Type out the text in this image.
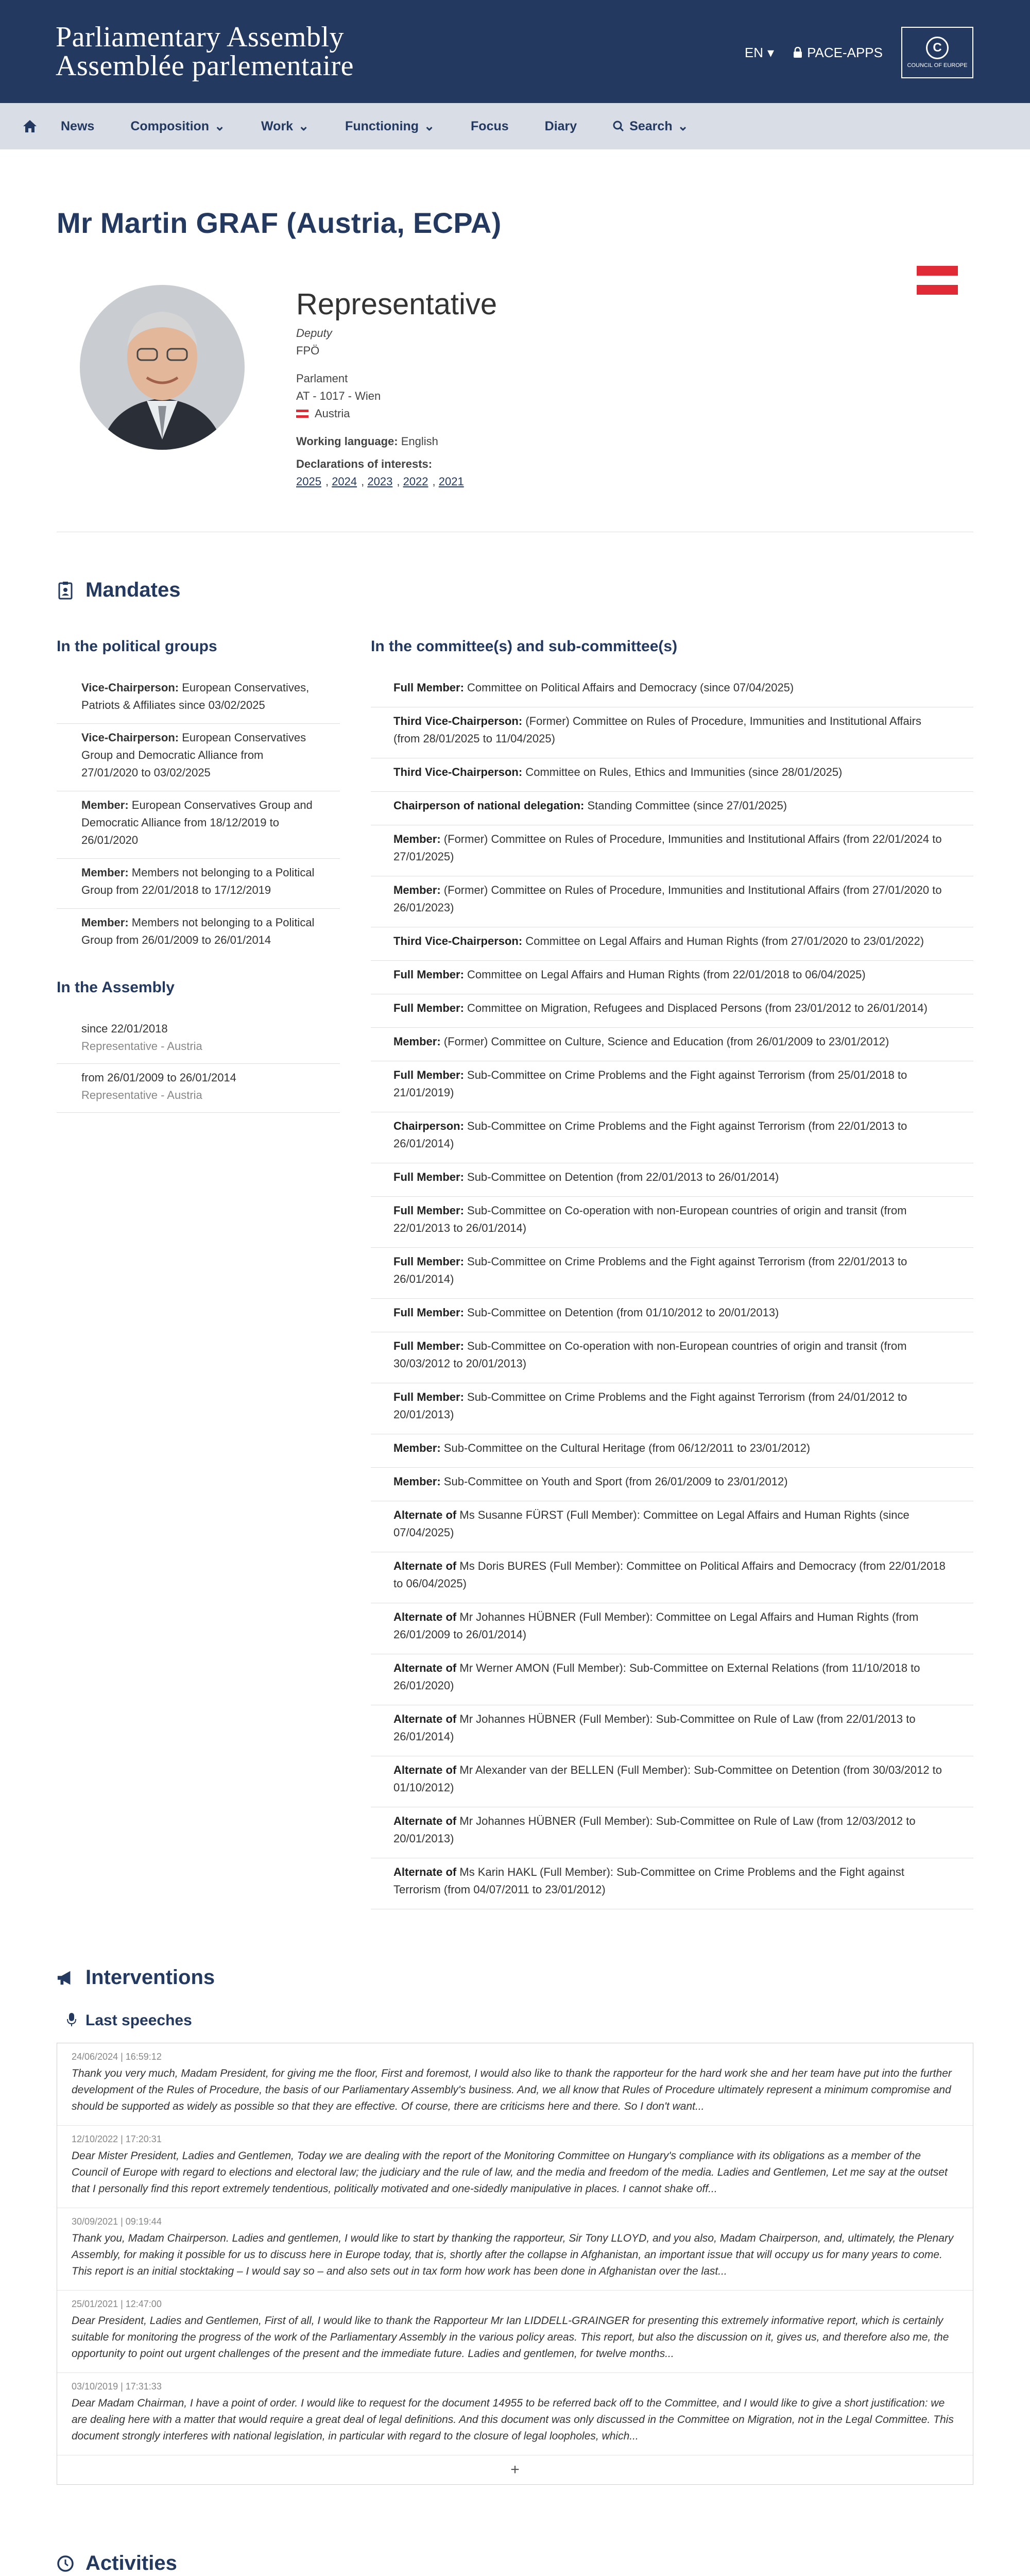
Parliamentary Assembly
Assemblée parlementaire	EN ▾ PACE-APPS	C
COUNCIL OF EUROPE
News	Composition ⌄	Work ⌄	Functioning ⌄	Focus	Diary	Search ⌄
Mr Martin GRAF (Austria, ECPA)
Representative
Deputy
FPÖ
Parlament
AT - 1017 - Wien
Austria
Working language: English
Declarations of interests:
2025 , 2024 , 2023 , 2022 , 2021
Mandates
In the political groups
Vice-Chairperson: European Conservatives, Patriots & Affiliates since 03/02/2025
Vice-Chairperson: European Conservatives Group and Democratic Alliance from 27/01/2020 to 03/02/2025
Member: European Conservatives Group and Democratic Alliance from 18/12/2019 to 26/01/2020
Member: Members not belonging to a Political Group from 22/01/2018 to 17/12/2019
Member: Members not belonging to a Political Group from 26/01/2009 to 26/01/2014
In the Assembly
since 22/01/2018
Representative - Austria
from 26/01/2009 to 26/01/2014
Representative - Austria
In the committee(s) and sub-committee(s)
Full Member: Committee on Political Affairs and Democracy (since 07/04/2025)
Third Vice-Chairperson: (Former) Committee on Rules of Procedure, Immunities and Institutional Affairs (from 28/01/2025 to 11/04/2025)
Third Vice-Chairperson: Committee on Rules, Ethics and Immunities (since 28/01/2025)
Chairperson of national delegation: Standing Committee (since 27/01/2025)
Member: (Former) Committee on Rules of Procedure, Immunities and Institutional Affairs (from 22/01/2024 to 27/01/2025)
Member: (Former) Committee on Rules of Procedure, Immunities and Institutional Affairs (from 27/01/2020 to 26/01/2023)
Third Vice-Chairperson: Committee on Legal Affairs and Human Rights (from 27/01/2020 to 23/01/2022)
Full Member: Committee on Legal Affairs and Human Rights (from 22/01/2018 to 06/04/2025)
Full Member: Committee on Migration, Refugees and Displaced Persons (from 23/01/2012 to 26/01/2014)
Member: (Former) Committee on Culture, Science and Education (from 26/01/2009 to 23/01/2012)
Full Member: Sub-Committee on Crime Problems and the Fight against Terrorism (from 25/01/2018 to 21/01/2019)
Chairperson: Sub-Committee on Crime Problems and the Fight against Terrorism (from 22/01/2013 to 26/01/2014)
Full Member: Sub-Committee on Detention (from 22/01/2013 to 26/01/2014)
Full Member: Sub-Committee on Co-operation with non-European countries of origin and transit (from 22/01/2013 to 26/01/2014)
Full Member: Sub-Committee on Crime Problems and the Fight against Terrorism (from 22/01/2013 to 26/01/2014)
Full Member: Sub-Committee on Detention (from 01/10/2012 to 20/01/2013)
Full Member: Sub-Committee on Co-operation with non-European countries of origin and transit (from 30/03/2012 to 20/01/2013)
Full Member: Sub-Committee on Crime Problems and the Fight against Terrorism (from 24/01/2012 to 20/01/2013)
Member: Sub-Committee on the Cultural Heritage (from 06/12/2011 to 23/01/2012)
Member: Sub-Committee on Youth and Sport (from 26/01/2009 to 23/01/2012)
Alternate of Ms Susanne FÜRST (Full Member): Committee on Legal Affairs and Human Rights (since 07/04/2025)
Alternate of Ms Doris BURES (Full Member): Committee on Political Affairs and Democracy (from 22/01/2018 to 06/04/2025)
Alternate of Mr Johannes HÜBNER (Full Member): Committee on Legal Affairs and Human Rights (from 26/01/2009 to 26/01/2014)
Alternate of Mr Werner AMON (Full Member): Sub-Committee on External Relations (from 11/10/2018 to 26/01/2020)
Alternate of Mr Johannes HÜBNER (Full Member): Sub-Committee on Rule of Law (from 22/01/2013 to 26/01/2014)
Alternate of Mr Alexander van der BELLEN (Full Member): Sub-Committee on Detention (from 30/03/2012 to 01/10/2012)
Alternate of Mr Johannes HÜBNER (Full Member): Sub-Committee on Rule of Law (from 12/03/2012 to 20/01/2013)
Alternate of Ms Karin HAKL (Full Member): Sub-Committee on Crime Problems and the Fight against Terrorism (from 04/07/2011 to 23/01/2012)
Interventions
Last speeches
24/06/2024 | 16:59:12
Thank you very much, Madam President, for giving me the floor, First and foremost, I would also like to thank the rapporteur for the hard work she and her team have put into the further development of the Rules of Procedure, the basis of our Parliamentary Assembly's business. And, we all know that Rules of Procedure ultimately represent a minimum compromise and should be supported as widely as possible so that they are effective. Of course, there are criticisms here and there. So I don't want...
12/10/2022 | 17:20:31
Dear Mister President, Ladies and Gentlemen, Today we are dealing with the report of the Monitoring Committee on Hungary's compliance with its obligations as a member of the Council of Europe with regard to elections and electoral law; the judiciary and the rule of law, and the media and freedom of the media. Ladies and Gentlemen, Let me say at the outset that I personally find this report extremely tendentious, politically motivated and one-sidedly manipulative in places. I cannot shake off...
30/09/2021 | 09:19:44
Thank you, Madam Chairperson. Ladies and gentlemen, I would like to start by thanking the rapporteur, Sir Tony LLOYD, and you also, Madam Chairperson, and, ultimately, the Plenary Assembly, for making it possible for us to discuss here in Europe today, that is, shortly after the collapse in Afghanistan, an important issue that will occupy us for many years to come. This report is an initial stocktaking – I would say so – and also sets out in tax form how work has been done in Afghanistan over the last...
25/01/2021 | 12:47:00
Dear President, Ladies and Gentlemen, First of all, I would like to thank the Rapporteur Mr Ian LIDDELL-GRAINGER for presenting this extremely informative report, which is certainly suitable for monitoring the progress of the work of the Parliamentary Assembly in the various policy areas. This report, but also the discussion on it, gives us, and therefore also me, the opportunity to point out urgent challenges of the present and the immediate future. Ladies and gentlemen, for twelve months...
03/10/2019 | 17:31:33
Dear Madam Chairman, I have a point of order. I would like to request for the document 14955 to be referred back off to the Committee, and I would like to give a short justification: we are dealing here with a matter that would require a great deal of legal definitions. And this document was only discussed in the Committee on Migration, not in the Legal Committee. This document strongly interferes with national legislation, in particular with regard to the closure of legal loopholes, which...
+
Activities
